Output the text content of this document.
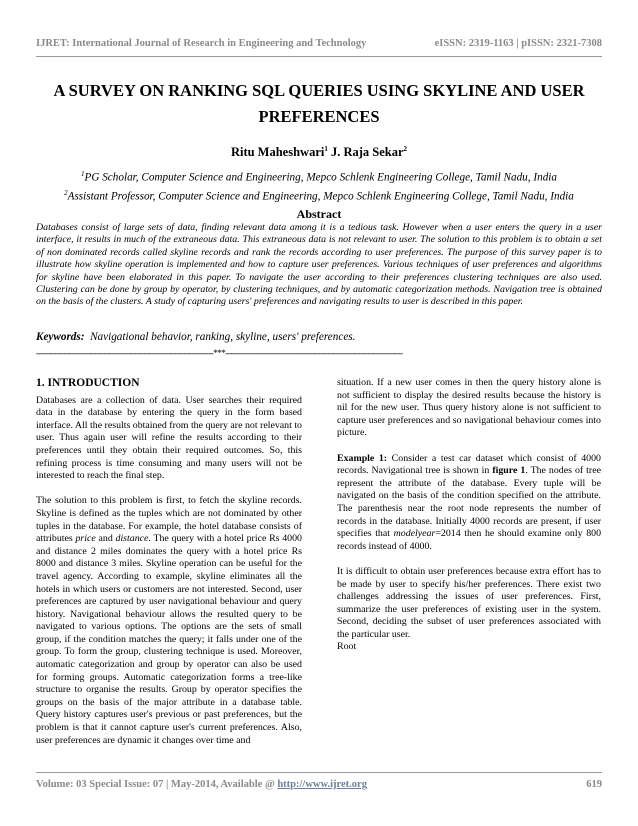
IJRET: International Journal of Research in Engineering and Technology	eISSN: 2319-1163 | pISSN: 2321-7308
A SURVEY ON RANKING SQL QUERIES USING SKYLINE AND USER PREFERENCES
Ritu Maheshwari$^1$ J. Raja Sekar$^2$
$^1$PG Scholar, Computer Science and Engineering, Mepco Schlenk Engineering College, Tamil Nadu, India
$^2$Assistant Professor, Computer Science and Engineering, Mepco Schlenk Engineering College, Tamil Nadu, India
Abstract
Databases consist of large sets of data, finding relevant data among it is a tedious task. However when a user enters the query in a user interface, it results in much of the extraneous data. This extraneous data is not relevant to user. The solution to this problem is to obtain a set of non dominated records called skyline records and rank the records according to user preferences. The purpose of this survey paper is to illustrate how skyline operation is implemented and how to capture user preferences. Various techniques of user preferences and algorithms for skyline have been elaborated in this paper. To navigate the user according to their preferences clustering techniques are also used. Clustering can be done by group by operator, by clustering techniques, and by automatic categorization methods. Navigation tree is obtained on the basis of the clusters. A study of capturing users' preferences and navigating results to user is described in this paper.
Keywords: Navigational behavior, ranking, skyline, users' preferences.
-----------------------------------------------------------------------***-----------------------------------------------------------------------
1. INTRODUCTION

Databases are a collection of data. User searches their required data in the database by entering the query in the form based interface. All the results obtained from the query are not relevant to user. Thus again user will refine the results according to their preferences until they obtain their required outcomes. So, this refining process is time consuming and many users will not be interested to reach the final step.

The solution to this problem is first, to fetch the skyline records. Skyline is defined as the tuples which are not dominated by other tuples in the database. For example, the hotel database consists of attributes price and distance. The query with a hotel price Rs 4000 and distance 2 miles dominates the query with a hotel price Rs 8000 and distance 3 miles. Skyline operation can be useful for the travel agency. According to example, skyline eliminates all the hotels in which users or customers are not interested. Second, user preferences are captured by user navigational behaviour and query history. Navigational behaviour allows the resulted query to be navigated to various options. The options are the sets of small group, if the condition matches the query; it falls under one of the group. To form the group, clustering technique is used. Moreover, automatic categorization and group by operator can also be used for forming groups. Automatic categorization forms a tree-like structure to organise the results. Group by operator specifies the groups on the basis of the major attribute in a database table. Query history captures user's previous or past preferences, but the problem is that it cannot capture user's current preferences. Also, user preferences are dynamic it changes over time and

situation. If a new user comes in then the query history alone is not sufficient to display the desired results because the history is nil for the new user. Thus query history alone is not sufficient to capture user preferences and so navigational behaviour comes into picture.

Example 1: Consider a test car dataset which consist of 4000 records. Navigational tree is shown in figure 1. The nodes of tree represent the attribute of the database. Every tuple will be navigated on the basis of the condition specified on the attribute. The parenthesis near the root node represents the number of records in the database. Initially 4000 records are present, if user specifies that modelyear=2014 then he should examine only 800 records instead of 4000.

It is difficult to obtain user preferences because extra effort has to be made by user to specify his/her preferences. There exist two challenges addressing the issues of user preferences. First, summarize the user preferences of existing user in the system. Second, deciding the subset of user preferences associated with the particular user.
Root

Volume: 03 Special Issue: 07 | May-2014, Available @ http://www.ijret.org	619
